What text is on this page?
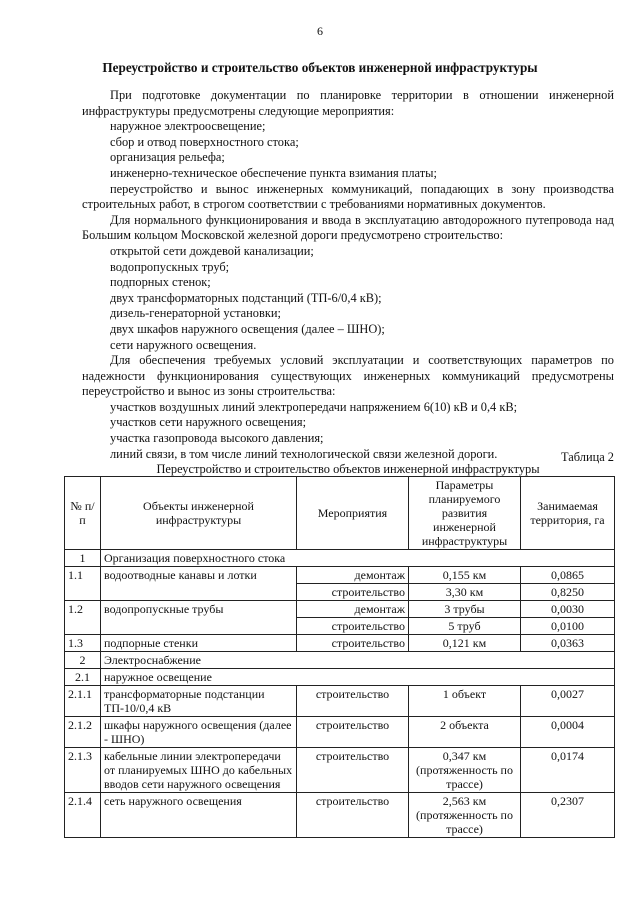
6
Переустройство и строительство объектов инженерной инфраструктуры

При подготовке документации по планировке территории в отношении инженерной инфраструктуры предусмотрены следующие мероприятия:

наружное электроосвещение;

сбор и отвод поверхностного стока;

организация рельефа;

инженерно-техническое обеспечение пункта взимания платы;

переустройство и вынос инженерных коммуникаций, попадающих в зону производства строительных работ, в строгом соответствии с требованиями нормативных документов.

Для нормального функционирования и ввода в эксплуатацию автодорожного путепровода над Большим кольцом Московской железной дороги предусмотрено строительство:

открытой сети дождевой канализации;

водопропускных труб;

подпорных стенок;

двух трансформаторных подстанций (ТП-6/0,4 кВ);

дизель-генераторной установки;

двух шкафов наружного освещения (далее – ШНО);

сети наружного освещения.

Для обеспечения требуемых условий эксплуатации и соответствующих параметров по надежности функционирования существующих инженерных коммуникаций предусмотрены переустройство и вынос из зоны строительства:

участков воздушных линий электропередачи напряжением 6(10) кВ и 0,4 кВ;

участков сети наружного освещения;

участка газопровода высокого давления;

линий связи, в том числе линий технологической связи железной дороги.	Таблица 2
Переустройство и строительство объектов инженерной инфраструктуры
№ п/п	Объекты инженерной инфраструктуры	Мероприятия	Параметры планируемого развития инженерной инфраструктуры	Занимаемая территория, га
1	Организация поверхностного стока			
1.1	водоотводные канавы и лотки	демонтаж	0,155 км	0,0865
		строительство	3,30 км	0,8250
1.2	водопропускные трубы	демонтаж	3 трубы	0,0030
		строительство	5 труб	0,0100
1.3	подпорные стенки	строительство	0,121 км	0,0363
2	Электроснабжение			
2.1	наружное освещение			
2.1.1	трансформаторные подстанции ТП-10/0,4 кВ	строительство	1 объект	0,0027
2.1.2	шкафы наружного освещения (далее - ШНО)	строительство	2 объекта	0,0004
2.1.3	кабельные линии электропередачи от планируемых ШНО до кабельных вводов сети наружного освещения	строительство	0,347 км (протяженность по трассе)	0,0174
2.1.4	сеть наружного освещения	строительство	2,563 км (протяженность по трассе)	0,2307
